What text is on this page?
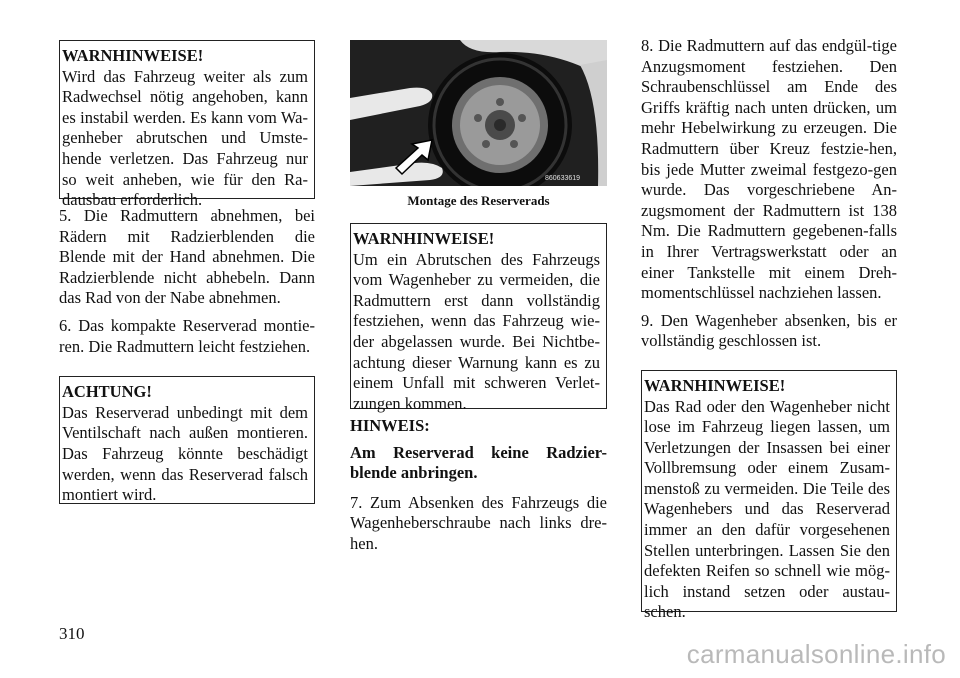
WARNHINWEISE!
Wird das Fahrzeug weiter als zum Radwechsel nötig angehoben, kann es instabil werden. Es kann vom Wa-genheber abrutschen und Umste-hende verletzen. Das Fahrzeug nur so weit anheben, wie für den Ra-dausbau erforderlich.

5. Die Radmuttern abnehmen, bei Rädern mit Radzierblenden die Blende mit der Hand abnehmen. Die Radzierblende nicht abhebeln. Dann das Rad von der Nabe abnehmen.

6. Das kompakte Reserverad montie-ren. Die Radmuttern leicht festziehen.

ACHTUNG!
Das Reserverad unbedingt mit dem Ventilschaft nach außen montieren. Das Fahrzeug könnte beschädigt werden, wenn das Reserverad falsch montiert wird.
860633619
Montage des Reserverads
WARNHINWEISE!
Um ein Abrutschen des Fahrzeugs vom Wagenheber zu vermeiden, die Radmuttern erst dann vollständig festziehen, wenn das Fahrzeug wie-der abgelassen wurde. Bei Nichtbe-achtung dieser Warnung kann es zu einem Unfall mit schweren Verlet-zungen kommen.

HINWEIS:

Am Reserverad keine Radzier-blende anbringen.

7. Zum Absenken des Fahrzeugs die Wagenheberschraube nach links dre-hen.

8. Die Radmuttern auf das endgül-tige Anzugsmoment festziehen. Den Schraubenschlüssel am Ende des Griffs kräftig nach unten drücken, um mehr Hebelwirkung zu erzeugen. Die Radmuttern über Kreuz festzie-hen, bis jede Mutter zweimal festgezo-gen wurde. Das vorgeschriebene An-zugsmoment der Radmuttern ist 138 Nm. Die Radmuttern gegebenen-falls in Ihrer Vertragswerkstatt oder an einer Tankstelle mit einem Dreh-momentschlüssel nachziehen lassen.

9. Den Wagenheber absenken, bis er vollständig geschlossen ist.

WARNHINWEISE!
Das Rad oder den Wagenheber nicht lose im Fahrzeug liegen lassen, um Verletzungen der Insassen bei einer Vollbremsung oder einem Zusam-menstoß zu vermeiden. Die Teile des Wagenhebers und das Reserverad immer an den dafür vorgesehenen Stellen unterbringen. Lassen Sie den defekten Reifen so schnell wie mög-lich instand setzen oder austau-schen.
310
carmanualsonline.info
